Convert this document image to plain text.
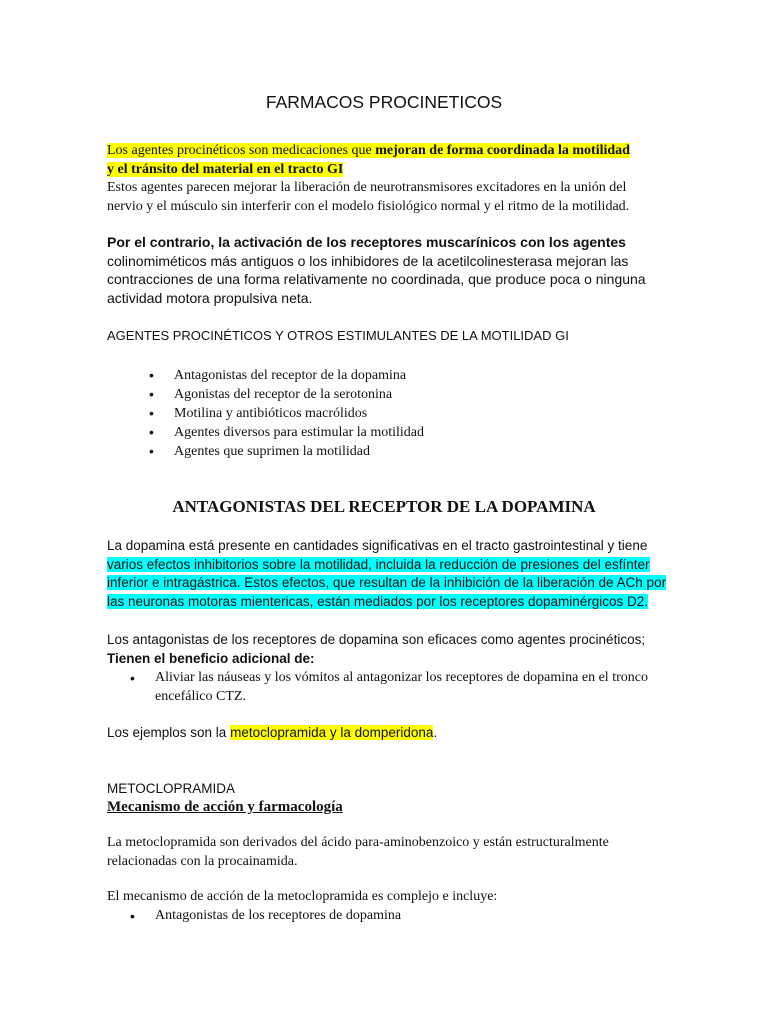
FARMACOS PROCINETICOS
Los agentes procinéticos son medicaciones que mejoran de forma coordinada la motilidad y el tránsito del material en el tracto GI
Estos agentes parecen mejorar la liberación de neurotransmisores excitadores en la unión del nervio y el músculo sin interferir con el modelo fisiológico normal y el ritmo de la motilidad.
Por el contrario, la activación de los receptores muscarínicos con los agentes
colinomiméticos más antiguos o los inhibidores de la acetilcolinesterasa mejoran las contracciones de una forma relativamente no coordinada, que produce poca o ninguna actividad motora propulsiva neta.
AGENTES PROCINÉTICOS Y OTROS ESTIMULANTES DE LA MOTILIDAD GI
• Antagonistas del receptor de la dopamina
• Agonistas del receptor de la serotonina
• Motilina y antibióticos macrólidos
• Agentes diversos para estimular la motilidad
• Agentes que suprimen la motilidad
ANTAGONISTAS DEL RECEPTOR DE LA DOPAMINA
La dopamina está presente en cantidades significativas en el tracto gastrointestinal y tiene varios efectos inhibitorios sobre la motilidad, incluida la reducción de presiones del esfínter inferior e intragástrica. Estos efectos, que resultan de la inhibición de la liberación de ACh por las neuronas motoras mientericas, están mediados por los receptores dopaminérgicos D2.
Los antagonistas de los receptores de dopamina son eficaces como agentes procinéticos;
Tienen el beneficio adicional de:
• Aliviar las náuseas y los vómitos al antagonizar los receptores de dopamina en el tronco encefálico CTZ.
Los ejemplos son la metoclopramida y la domperidona.
METOCLOPRAMIDA
Mecanismo de acción y farmacología
La metoclopramida son derivados del ácido para-aminobenzoico y están estructuralmente relacionadas con la procainamida.
El mecanismo de acción de la metoclopramida es complejo e incluye:
• Antagonistas de los receptores de dopamina
